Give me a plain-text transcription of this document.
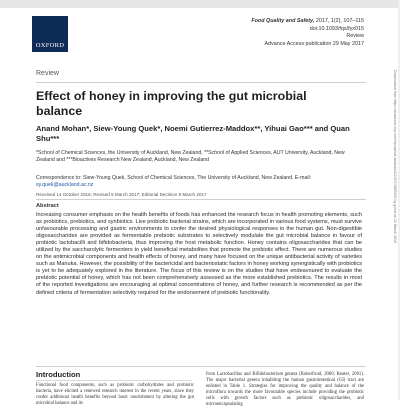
OXFORD
Food Quality and Safety, 2017, 1(2), 107–115
doi:10.1093/fqs/fyx015
Review
Advance Access publication 29 May 2017
Downloaded from https://academic.oup.com/fqs/article-abstract/1/2/107/3855302 by guest on 22 March 2019
Review
Effect of honey in improving the gut microbial balance
Anand Mohan*, Siew-Young Quek*, Noemi Gutierrez-Maddox**, Yihuai Gao*** and Quan Shu***
*School of Chemical Sciences, the University of Auckland, New Zealand, **School of Applied Sciences, AUT University, Auckland, New Zealand and ***Bioactives Research New Zealand, Auckland, New Zealand
Correspondence to: Siew-Young Quek, School of Chemical Sciences, The University of Auckland, New Zealand. E-mail: sy.quek@auckland.ac.nz
Received 14 October 2016; Revised 5 March 2017; Editorial Decision 8 March 2017
Abstract
Increasing consumer emphasis on the health benefits of foods has enhanced the research focus in health promoting elements, such as probiotics, prebiotics, and synbiotics. Live probiotic bacterial strains, which are incorporated in various food systems, must survive unfavourable processing and gastric environments to confer the desired physiological responses in the human gut. Non-digestible oligosaccharides are provided as fermentable prebiotic substrates to selectively modulate the gut microbial balance in favour of probiotic lactobacilli and bifidobacteria, thus improving the host metabolic function. Honey contains oligosaccharides that can be utilized by the saccharolytic fermenters to yield beneficial metabolites that promote the prebiotic effect. There are numerous studies on the antimicrobial components and health effects of honey, and many have focused on the unique antibacterial activity of varieties such as Manuka. However, the possibility of the bactericidal and bacteriostatic factors in honey working synergistically with probiotics is yet to be adequately explored in the literature. The focus of this review is on the studies that have endeavoured to evaluate the prebiotic potential of honey, which has not been comprehensively assessed as the more established prebiotics. The results in most of the reported investigations are encouraging at optimal concentrations of honey, and further research is recommended as per the defined criteria of fermentation selectivity required for the endorsement of prebiotic functionality.
Introduction
Functional food components, such as probiotic carbohydrates and probiotic bacteria, have elicited a renewed research interest in the recent years, since they confer additional health benefits beyond basic nourishment by altering the gut microbial balance and its
from Lactobacillus and Bifidobacterium genera (Roberfroid, 2000; Reuter, 2001). The major bacterial genera inhabiting the human gastrointestinal (GI) tract are enlisted in Table 1. Strategies for improving the quality and balance of the microflora towards the more favourable species include providing the probiotic cells with growth factors such as prebiotic oligosaccharides, and microencapsulating
